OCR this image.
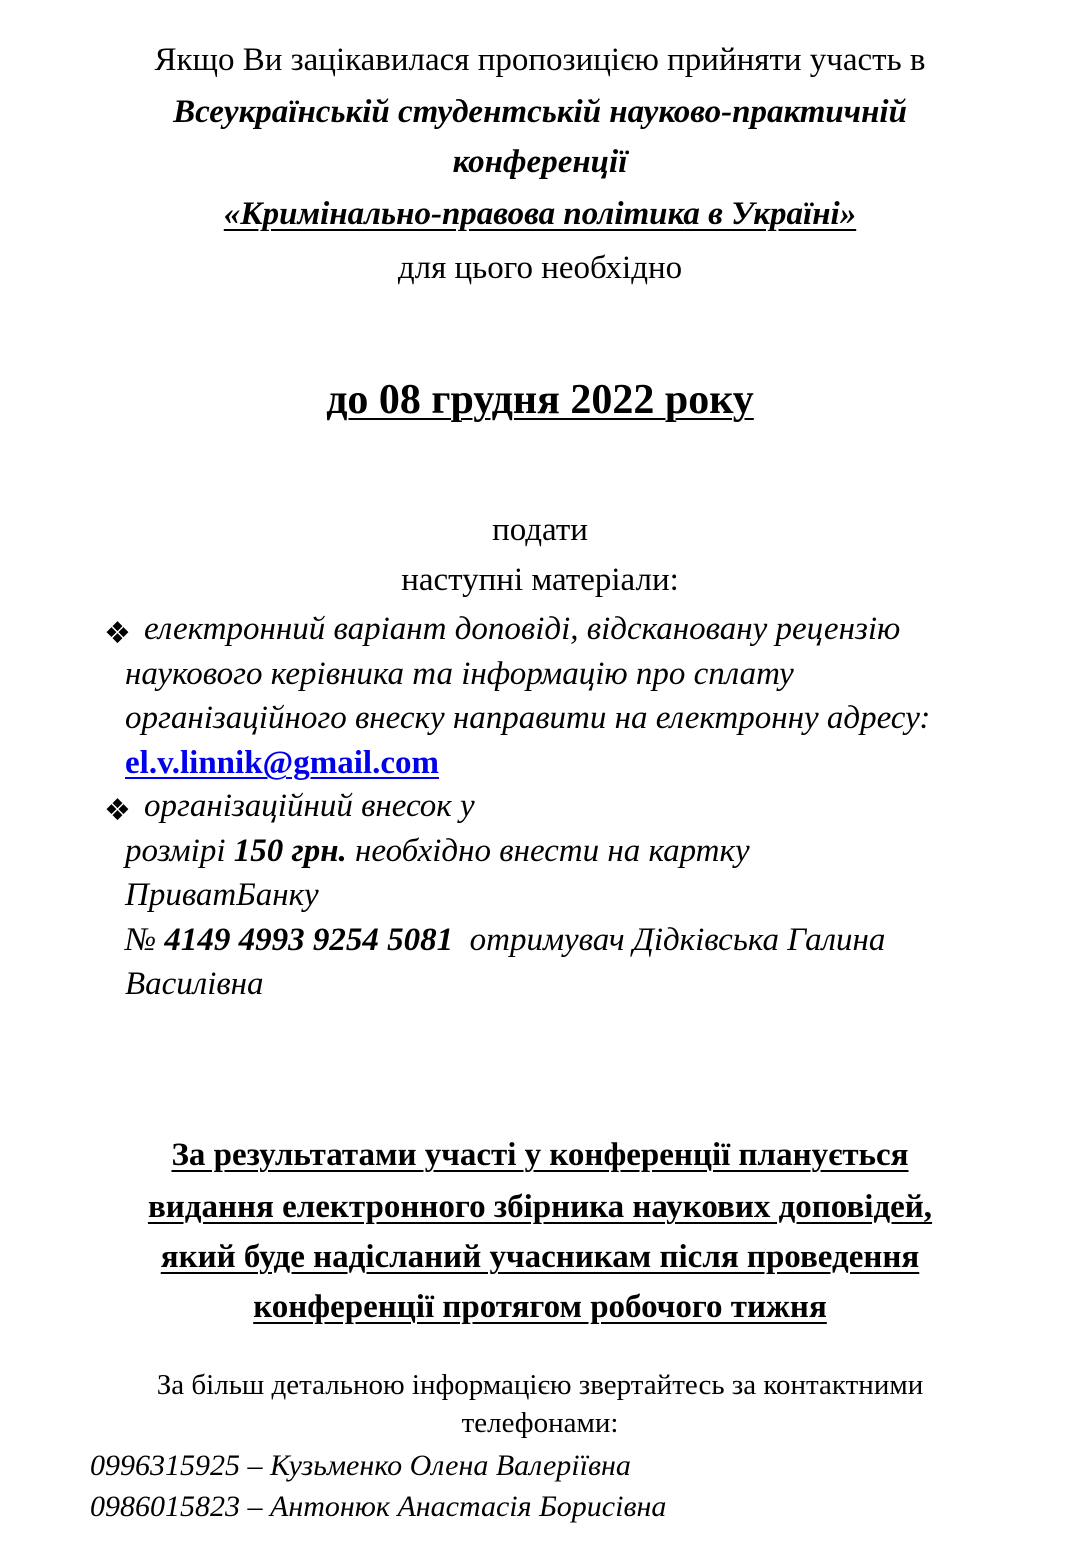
Якщо Ви зацікавилася пропозицією прийняти участь в
Всеукраїнській студентській науково-практичній
конференції
«Кримінально-правова політика в Україні»
для цього необхідно
до 08 грудня 2022 року
подати
наступні матеріали:
❖ електронний варіант доповіді, відскановану рецензію
наукового керівника та інформацію про сплату
організаційного внеску направити на електронну адресу:
el.v.linnik@gmail.com
❖ організаційний внесок у
розмірі 150 грн. необхідно внести на картку
ПриватБанку
№ 4149 4993 9254 5081  отримувач Дідківська Галина
Василівна
За результатами участі у конференції планується
видання електронного збірника наукових доповідей,
який буде надісланий учасникам після проведення
конференції протягом робочого тижня
За більш детальною інформацією звертайтесь за контактними
телефонами:
0996315925 – Кузьменко Олена Валеріївна
0986015823 – Антонюк Анастасія Борисівна
